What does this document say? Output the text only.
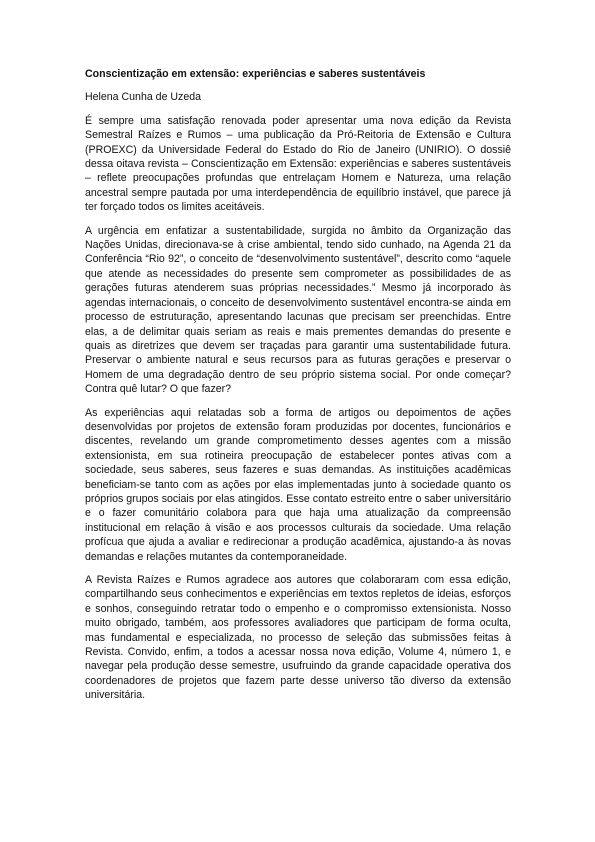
Conscientização em extensão: experiências e saberes sustentáveis

Helena Cunha de Uzeda

É sempre uma satisfação renovada poder apresentar uma nova edição da Revista Semestral Raízes e Rumos – uma publicação da Pró-Reitoria de Extensão e Cultura (PROEXC) da Universidade Federal do Estado do Rio de Janeiro (UNIRIO). O dossiê dessa oitava revista – Conscientização em Extensão: experiências e saberes sustentáveis – reflete preocupações profundas que entrelaçam Homem e Natureza, uma relação ancestral sempre pautada por uma interdependência de equilíbrio instável, que parece já ter forçado todos os limites aceitáveis.

A urgência em enfatizar a sustentabilidade, surgida no âmbito da Organização das Nações Unidas, direcionava-se à crise ambiental, tendo sido cunhado, na Agenda 21 da Conferência “Rio 92”, o conceito de “desenvolvimento sustentável”, descrito como “aquele que atende as necessidades do presente sem comprometer as possibilidades de as gerações futuras atenderem suas próprias necessidades.” Mesmo já incorporado às agendas internacionais, o conceito de desenvolvimento sustentável encontra-se ainda em processo de estruturação, apresentando lacunas que precisam ser preenchidas. Entre elas, a de delimitar quais seriam as reais e mais prementes demandas do presente e quais as diretrizes que devem ser traçadas para garantir uma sustentabilidade futura. Preservar o ambiente natural e seus recursos para as futuras gerações e preservar o Homem de uma degradação dentro de seu próprio sistema social. Por onde começar? Contra quê lutar? O que fazer?

As experiências aqui relatadas sob a forma de artigos ou depoimentos de ações desenvolvidas por projetos de extensão foram produzidas por docentes, funcionários e discentes, revelando um grande comprometimento desses agentes com a missão extensionista, em sua rotineira preocupação de estabelecer pontes ativas com a sociedade, seus saberes, seus fazeres e suas demandas. As instituições acadêmicas beneficiam-se tanto com as ações por elas implementadas junto à sociedade quanto os próprios grupos sociais por elas atingidos. Esse contato estreito entre o saber universitário e o fazer comunitário colabora para que haja uma atualização da compreensão institucional em relação à visão e aos processos culturais da sociedade. Uma relação profícua que ajuda a avaliar e redirecionar a produção acadêmica, ajustando-a às novas demandas e relações mutantes da contemporaneidade.

A Revista Raízes e Rumos agradece aos autores que colaboraram com essa edição, compartilhando seus conhecimentos e experiências em textos repletos de ideias, esforços e sonhos, conseguindo retratar todo o empenho e o compromisso extensionista. Nosso muito obrigado, também, aos professores avaliadores que participam de forma oculta, mas fundamental e especializada, no processo de seleção das submissões feitas à Revista. Convido, enfim, a todos a acessar nossa nova edição, Volume 4, número 1, e navegar pela produção desse semestre, usufruindo da grande capacidade operativa dos coordenadores de projetos que fazem parte desse universo tão diverso da extensão universitária.
